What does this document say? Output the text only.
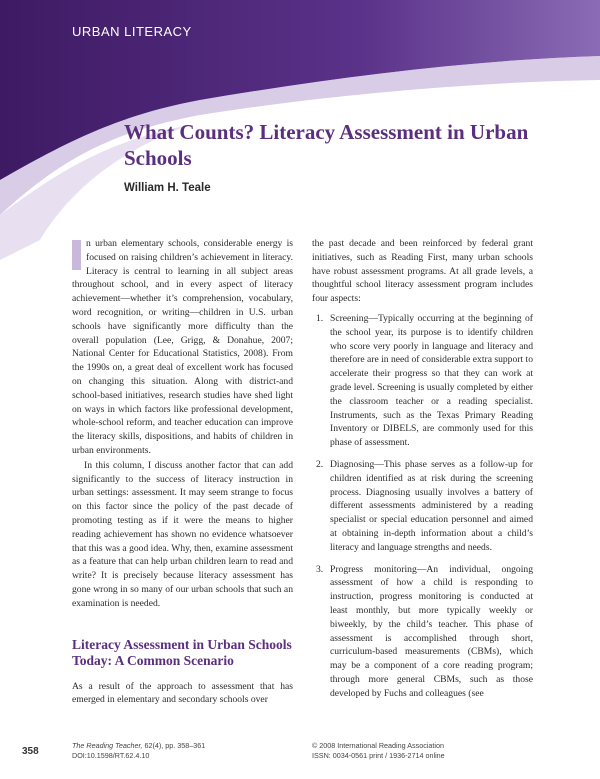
URBAN LITERACY
What Counts? Literacy Assessment in Urban Schools
William H. Teale

n urban elementary schools, considerable energy is focused on raising children’s achievement in literacy. Literacy is central to learning in all subject areas throughout school, and in every aspect of literacy achievement—whether it’s comprehension, vocabulary, word recognition, or writing—children in U.S. urban schools have significantly more difficulty than the overall population (Lee, Grigg, & Donahue, 2007; National Center for Educational Statistics, 2008). From the 1990s on, a great deal of excellent work has focused on changing this situation. Along with district-and school-based initiatives, research studies have shed light on ways in which factors like professional development, whole-school reform, and teacher education can improve the literacy skills, dispositions, and habits of children in urban environments.

In this column, I discuss another factor that can add significantly to the success of literacy instruction in urban settings: assessment. It may seem strange to focus on this factor since the policy of the past decade of promoting testing as if it were the means to higher reading achievement has shown no evidence whatsoever that this was a good idea. Why, then, examine assessment as a feature that can help urban children learn to read and write? It is precisely because literacy assessment has gone wrong in so many of our urban schools that such an examination is needed.

Literacy Assessment in Urban Schools Today: A Common Scenario

As a result of the approach to assessment that has emerged in elementary and secondary schools over

the past decade and been reinforced by federal grant initiatives, such as Reading First, many urban schools have robust assessment programs. At all grade levels, a thoughtful school literacy assessment program includes four aspects:

1. Screening—Typically occurring at the beginning of the school year, its purpose is to identify children who score very poorly in language and literacy and therefore are in need of considerable extra support to accelerate their progress so that they can work at grade level. Screening is usually completed by either the classroom teacher or a reading specialist. Instruments, such as the Texas Primary Reading Inventory or DIBELS, are commonly used for this phase of assessment.
2. Diagnosing—This phase serves as a follow-up for children identified as at risk during the screening process. Diagnosing usually involves a battery of different assessments administered by a reading specialist or special education personnel and aimed at obtaining in-depth information about a child’s literacy and language strengths and needs.
3. Progress monitoring—An individual, ongoing assessment of how a child is responding to instruction, progress monitoring is conducted at least monthly, but more typically weekly or biweekly, by the child’s teacher. This phase of assessment is accomplished through short, curriculum-based measurements (CBMs), which may be a component of a core reading program; through more general CBMs, such as those developed by Fuchs and colleagues (see
358
The Reading Teacher, 62(4), pp. 358–361
DOI:10.1598/RT.62.4.10
© 2008 International Reading Association
ISSN: 0034-0561 print / 1936-2714 online
